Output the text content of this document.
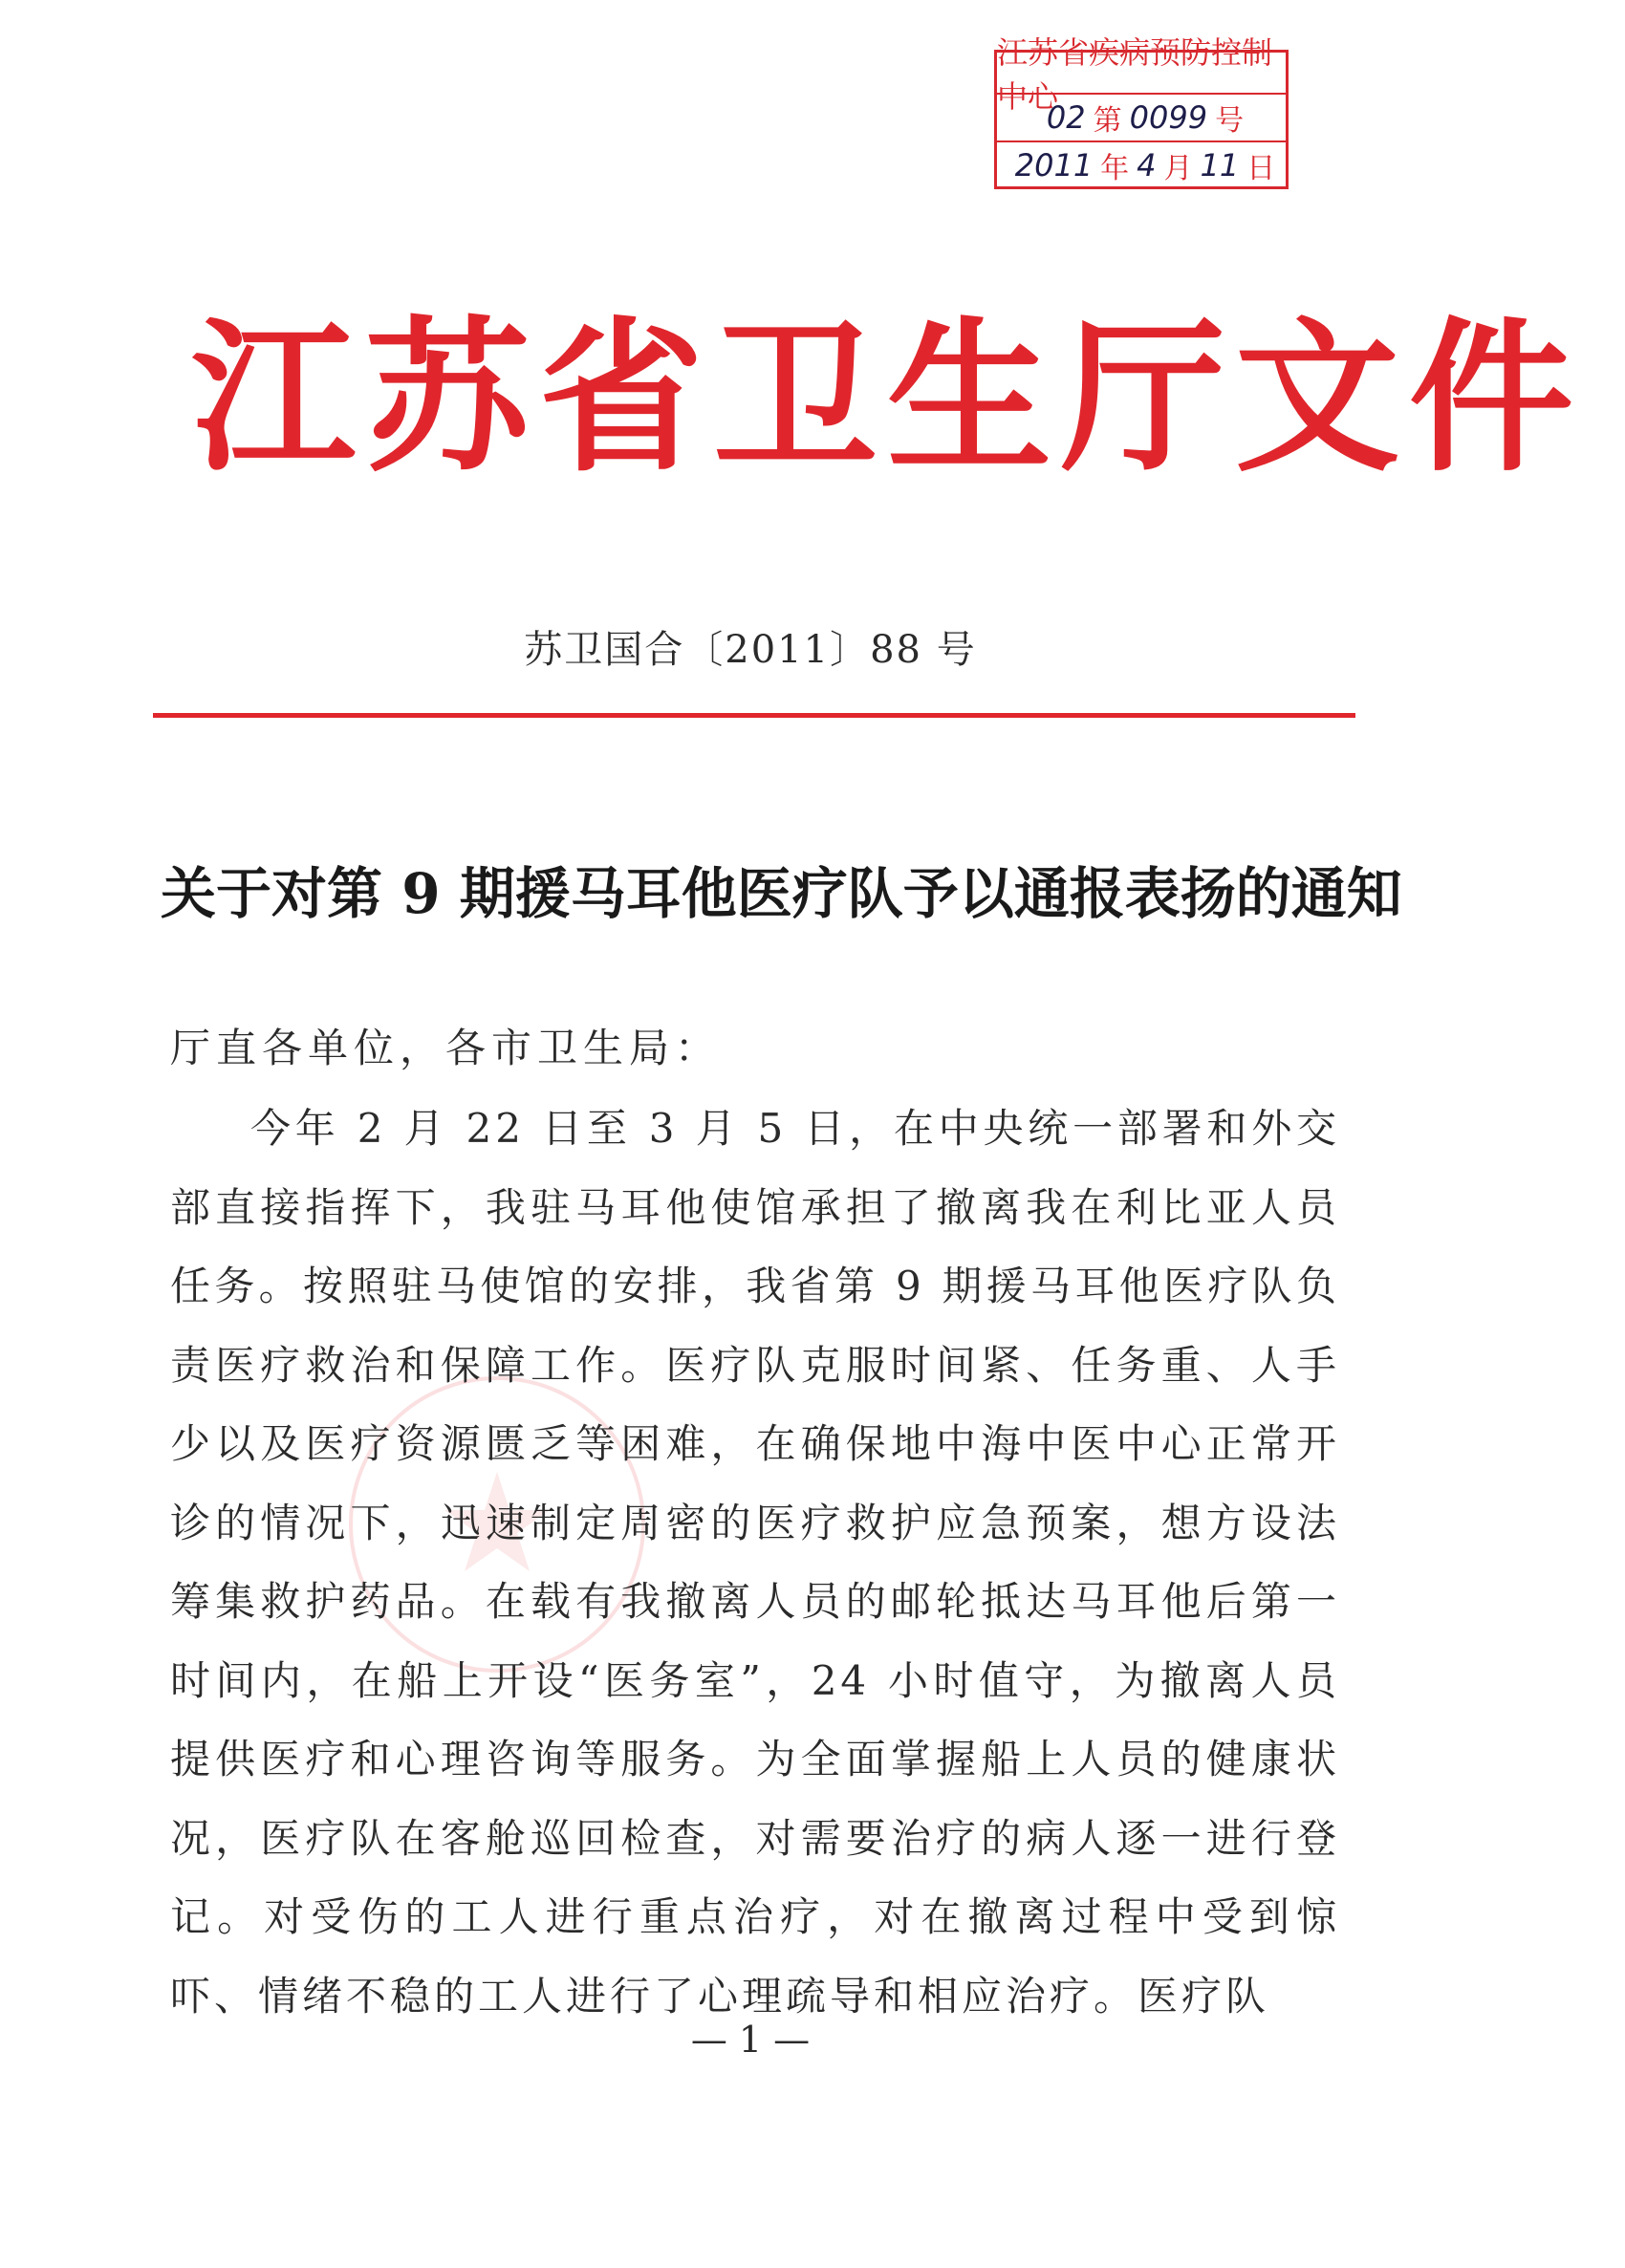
江苏省疾病预防控制中心
02 第 0099 号
2011 年 4 月 11 日
江苏省卫生厅文件
苏卫国合〔2011〕88 号
关于对第 9 期援马耳他医疗队予以通报表扬的通知
厅直各单位，各市卫生局：

今年 2 月 22 日至 3 月 5 日，在中央统一部署和外交部直接指挥下，我驻马耳他使馆承担了撤离我在利比亚人员任务。按照驻马使馆的安排，我省第 9 期援马耳他医疗队负责医疗救治和保障工作。医疗队克服时间紧、任务重、人手少以及医疗资源匮乏等困难，在确保地中海中医中心正常开诊的情况下，迅速制定周密的医疗救护应急预案，想方设法筹集救护药品。在载有我撤离人员的邮轮抵达马耳他后第一时间内，在船上开设“医务室”，24 小时值守，为撤离人员提供医疗和心理咨询等服务。为全面掌握船上人员的健康状况，医疗队在客舱巡回检查，对需要治疗的病人逐一进行登记。对受伤的工人进行重点治疗，对在撤离过程中受到惊吓、情绪不稳的工人进行了心理疏导和相应治疗。医疗队

— 1 —
